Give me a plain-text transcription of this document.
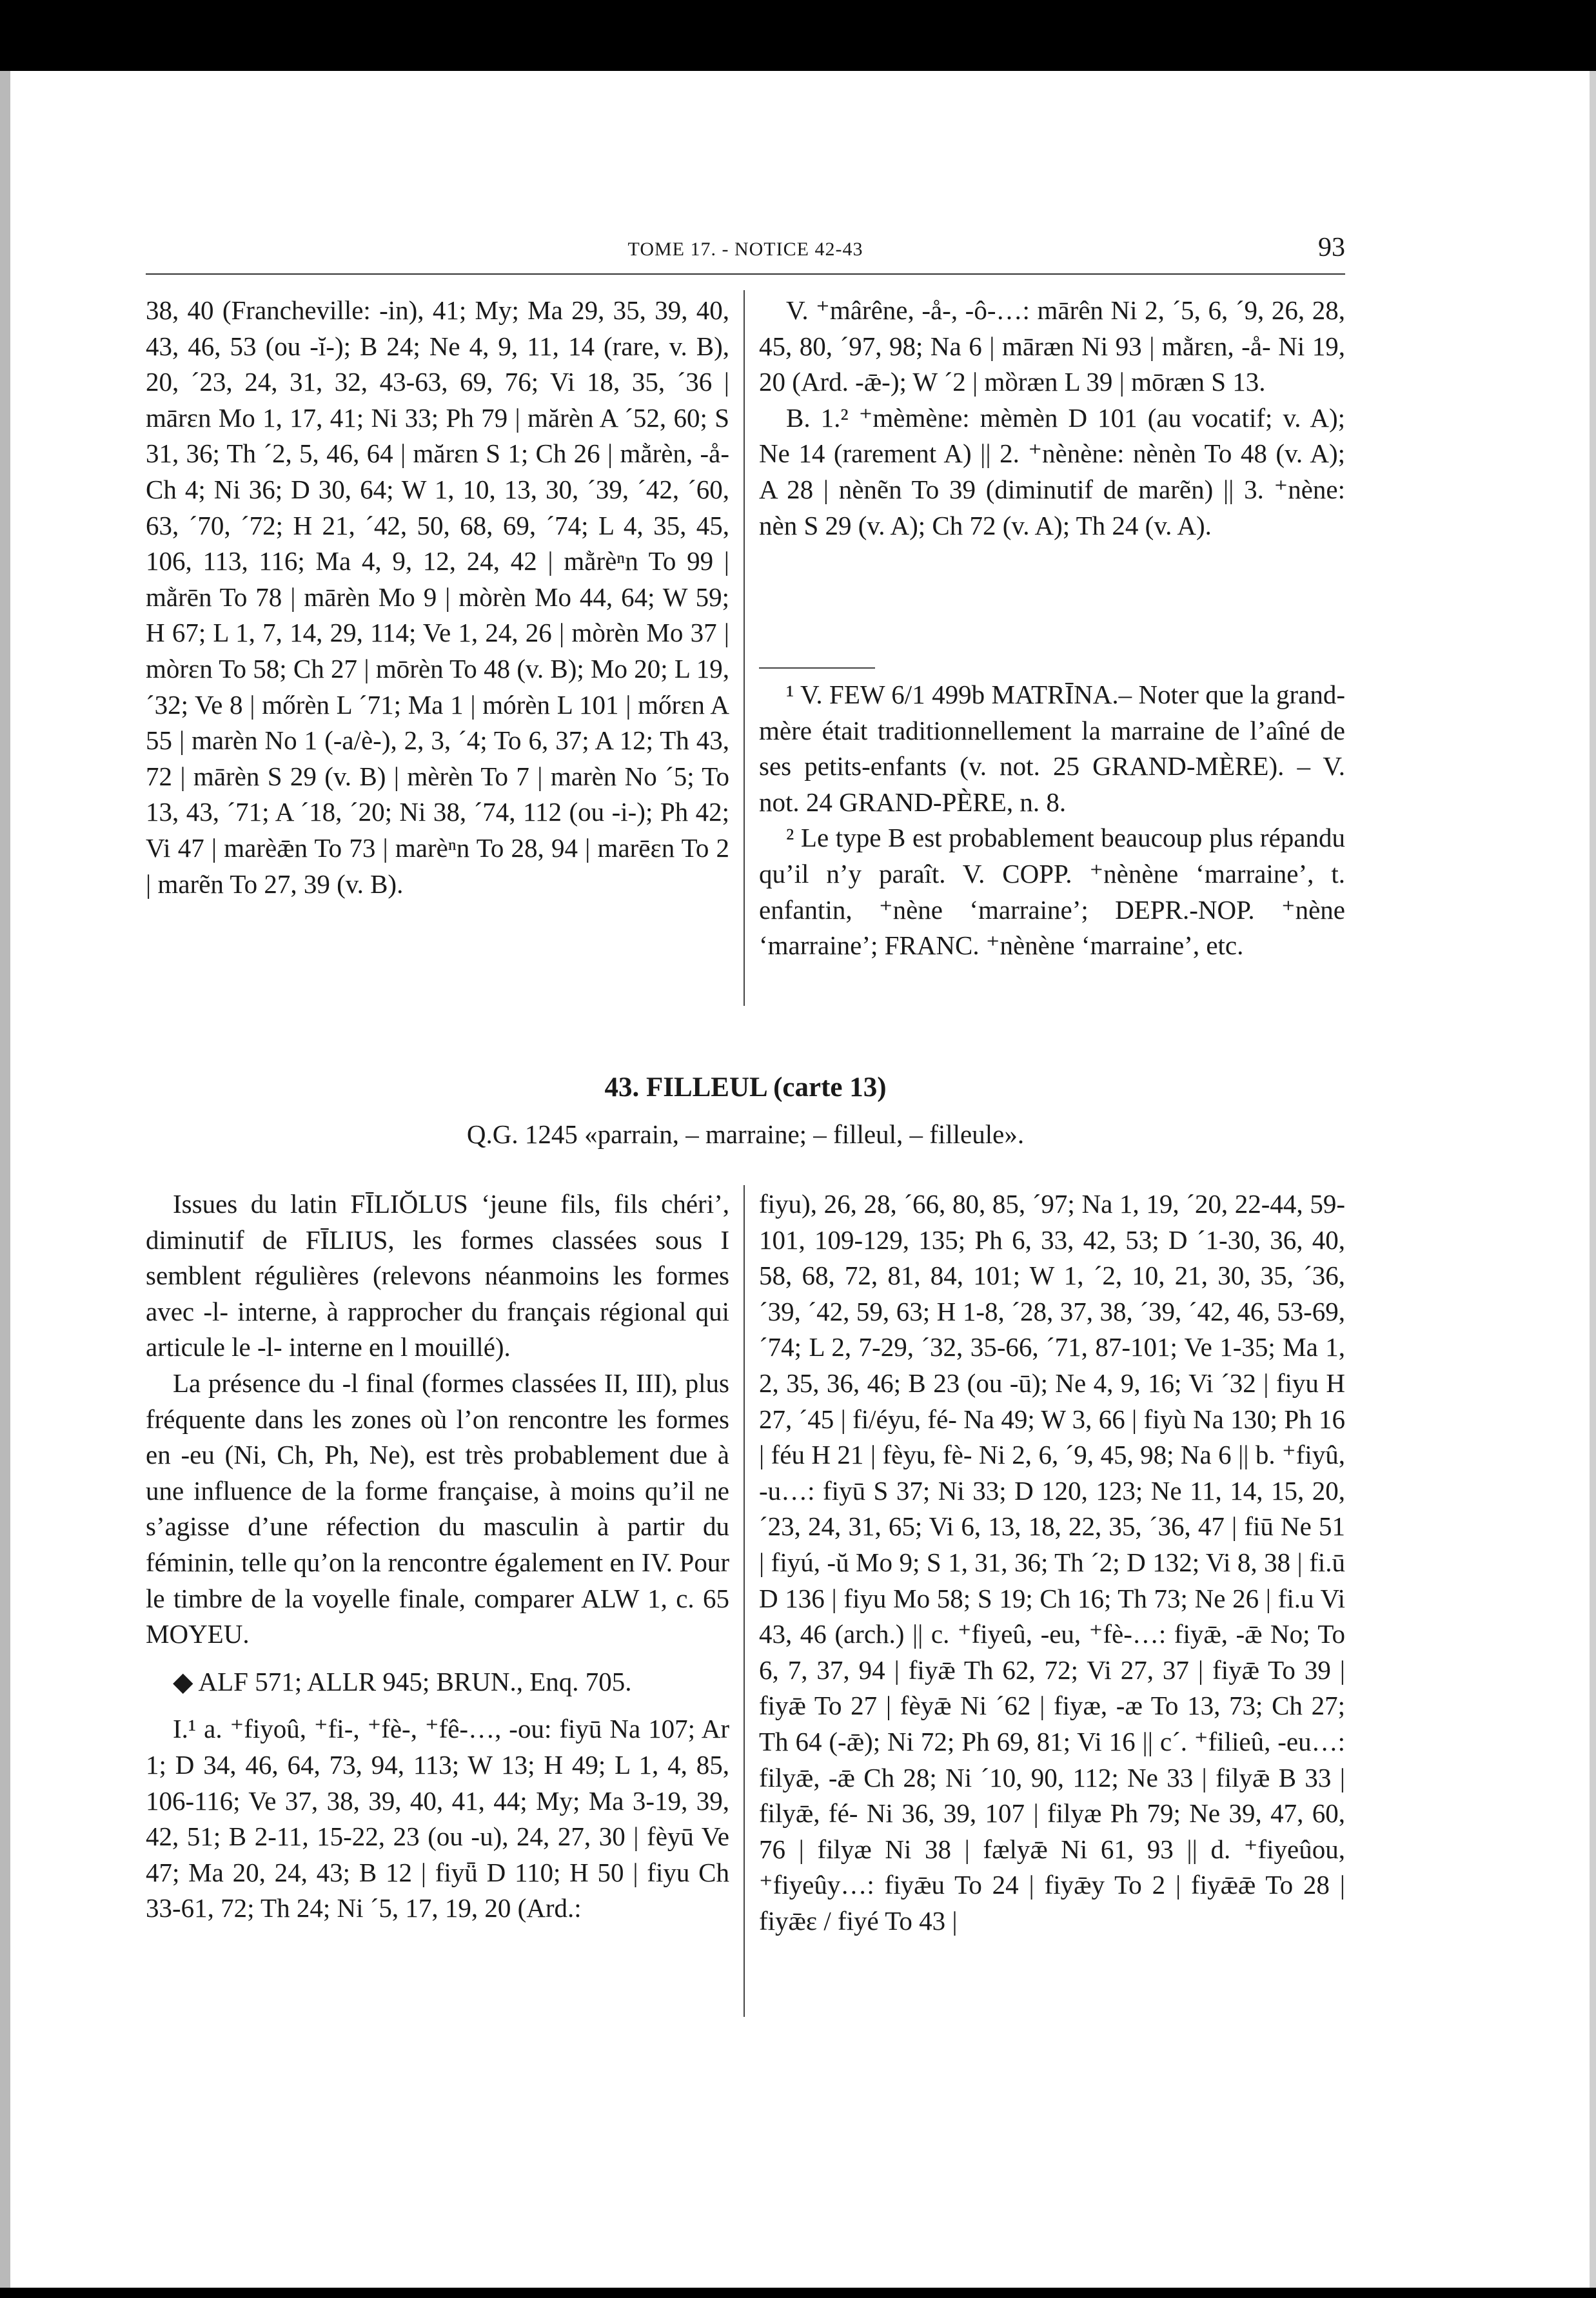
TOME 17. - NOTICE 42-43	93

38, 40 (Francheville: -in), 41; My; Ma 29, 35, 39, 40, 43, 46, 53 (ou -ĭ-); B 24; Ne 4, 9, 11, 14 (rare, v. B), 20, ´23, 24, 31, 32, 43-63, 69, 76; Vi 18, 35, ´36 | mārɛn Mo 1, 17, 41; Ni 33; Ph 79 | mărèn A ´52, 60; S 31, 36; Th ´2, 5, 46, 64 | mărɛn S 1; Ch 26 | mằrèn, -å- Ch 4; Ni 36; D 30, 64; W 1, 10, 13, 30, ´39, ´42, ´60, 63, ´70, ´72; H 21, ´42, 50, 68, 69, ´74; L 4, 35, 45, 106, 113, 116; Ma 4, 9, 12, 24, 42 | mằrèⁿn To 99 | mằrēn To 78 | mārèn Mo 9 | mòrèn Mo 44, 64; W 59; H 67; L 1, 7, 14, 29, 114; Ve 1, 24, 26 | mòrèn Mo 37 | mòrɛn To 58; Ch 27 | mōrèn To 48 (v. B); Mo 20; L 19, ´32; Ve 8 | mőrèn L ´71; Ma 1 | mórèn L 101 | mőrɛn A 55 | marèn No 1 (-a/è-), 2, 3, ´4; To 6, 37; A 12; Th 43, 72 | mārèn S 29 (v. B) | mèrèn To 7 | marèn No ´5; To 13, 43, ´71; A ´18, ´20; Ni 38, ´74, 112 (ou -i-); Ph 42; Vi 47 | marèǣn To 73 | marèⁿn To 28, 94 | marēɛn To 2 | marẽn To 27, 39 (v. B).

V. ⁺mârêne, -å-, -ô-…: mārên Ni 2, ´5, 6, ´9, 26, 28, 45, 80, ´97, 98; Na 6 | māræn Ni 93 | mằrɛn, -å- Ni 19, 20 (Ard. -ǣ-); W ´2 | mȍræn L 39 | mōræn S 13.

B. 1.² ⁺mèmène: mèmèn D 101 (au vocatif; v. A); Ne 14 (rarement A) || 2. ⁺nènène: nènèn To 48 (v. A); A 28 | nènẽn To 39 (diminutif de marẽn) || 3. ⁺nène: nèn S 29 (v. A); Ch 72 (v. A); Th 24 (v. A).

¹ V. FEW 6/1 499b MATRĪNA.– Noter que la grand-mère était traditionnellement la marraine de l’aîné de ses petits-enfants (v. not. 25 GRAND-MÈRE). – V. not. 24 GRAND-PÈRE, n. 8.

² Le type B est probablement beaucoup plus répandu qu’il n’y paraît. V. COPP. ⁺nènène ‘marraine’, t. enfantin, ⁺nène ‘marraine’; DEPR.-NOP. ⁺nène ‘marraine’; FRANC. ⁺nènène ‘marraine’, etc.

43. FILLEUL (carte 13)
Q.G. 1245 «parrain, – marraine; – filleul, – filleule».

Issues du latin FĪLIŎLUS ‘jeune fils, fils chéri’, diminutif de FĪLIUS, les formes classées sous I semblent régulières (relevons néanmoins les formes avec -l- interne, à rapprocher du français régional qui articule le -l- interne en l mouillé).

La présence du -l final (formes classées II, III), plus fréquente dans les zones où l’on rencontre les formes en -eu (Ni, Ch, Ph, Ne), est très probablement due à une influence de la forme française, à moins qu’il ne s’agisse d’une réfection du masculin à partir du féminin, telle qu’on la rencontre également en IV. Pour le timbre de la voyelle finale, comparer ALW 1, c. 65 MOYEU.

◆ ALF 571; ALLR 945; BRUN., Enq. 705.

I.¹ a. ⁺fiyoû, ⁺fi-, ⁺fè-, ⁺fê-…, -ou: fiyū Na 107; Ar 1; D 34, 46, 64, 73, 94, 113; W 13; H 49; L 1, 4, 85, 106-116; Ve 37, 38, 39, 40, 41, 44; My; Ma 3-19, 39, 42, 51; B 2-11, 15-22, 23 (ou -u), 24, 27, 30 | fèyū Ve 47; Ma 20, 24, 43; B 12 | fiyǖ D 110; H 50 | fiyu Ch 33-61, 72; Th 24; Ni ´5, 17, 19, 20 (Ard.:

fiyu), 26, 28, ´66, 80, 85, ´97; Na 1, 19, ´20, 22-44, 59-101, 109-129, 135; Ph 6, 33, 42, 53; D ´1-30, 36, 40, 58, 68, 72, 81, 84, 101; W 1, ´2, 10, 21, 30, 35, ´36, ´39, ´42, 59, 63; H 1-8, ´28, 37, 38, ´39, ´42, 46, 53-69, ´74; L 2, 7-29, ´32, 35-66, ´71, 87-101; Ve 1-35; Ma 1, 2, 35, 36, 46; B 23 (ou -ū); Ne 4, 9, 16; Vi ´32 | fiyu H 27, ´45 | fi/éyu, fé- Na 49; W 3, 66 | fiyù Na 130; Ph 16 | féu H 21 | fèyu, fè- Ni 2, 6, ´9, 45, 98; Na 6 || b. ⁺fiyû, -u…: fiyū S 37; Ni 33; D 120, 123; Ne 11, 14, 15, 20, ´23, 24, 31, 65; Vi 6, 13, 18, 22, 35, ´36, 47 | fiū Ne 51 | fiyú, -ŭ Mo 9; S 1, 31, 36; Th ´2; D 132; Vi 8, 38 | fi.ū D 136 | fiyu Mo 58; S 19; Ch 16; Th 73; Ne 26 | fi.u Vi 43, 46 (arch.) || c. ⁺fiyeû, -eu, ⁺fè-…: fiyǣ, -ǣ No; To 6, 7, 37, 94 | fiyǣ Th 62, 72; Vi 27, 37 | fiyǣ To 39 | fiyǣ To 27 | fèyǣ Ni ´62 | fiyæ, -æ To 13, 73; Ch 27; Th 64 (-ǣ); Ni 72; Ph 69, 81; Vi 16 || c´. ⁺filieû, -eu…: filyǣ, -ǣ Ch 28; Ni ´10, 90, 112; Ne 33 | filyǣ B 33 | filyǣ, fé- Ni 36, 39, 107 | filyæ Ph 79; Ne 39, 47, 60, 76 | filyæ Ni 38 | fælyǣ Ni 61, 93 || d. ⁺fiyeûou, ⁺fiyeûy…: fiyǣu To 24 | fiyǣy To 2 | fiyǣǣ To 28 | fiyǣɛ / fiyé To 43 |
